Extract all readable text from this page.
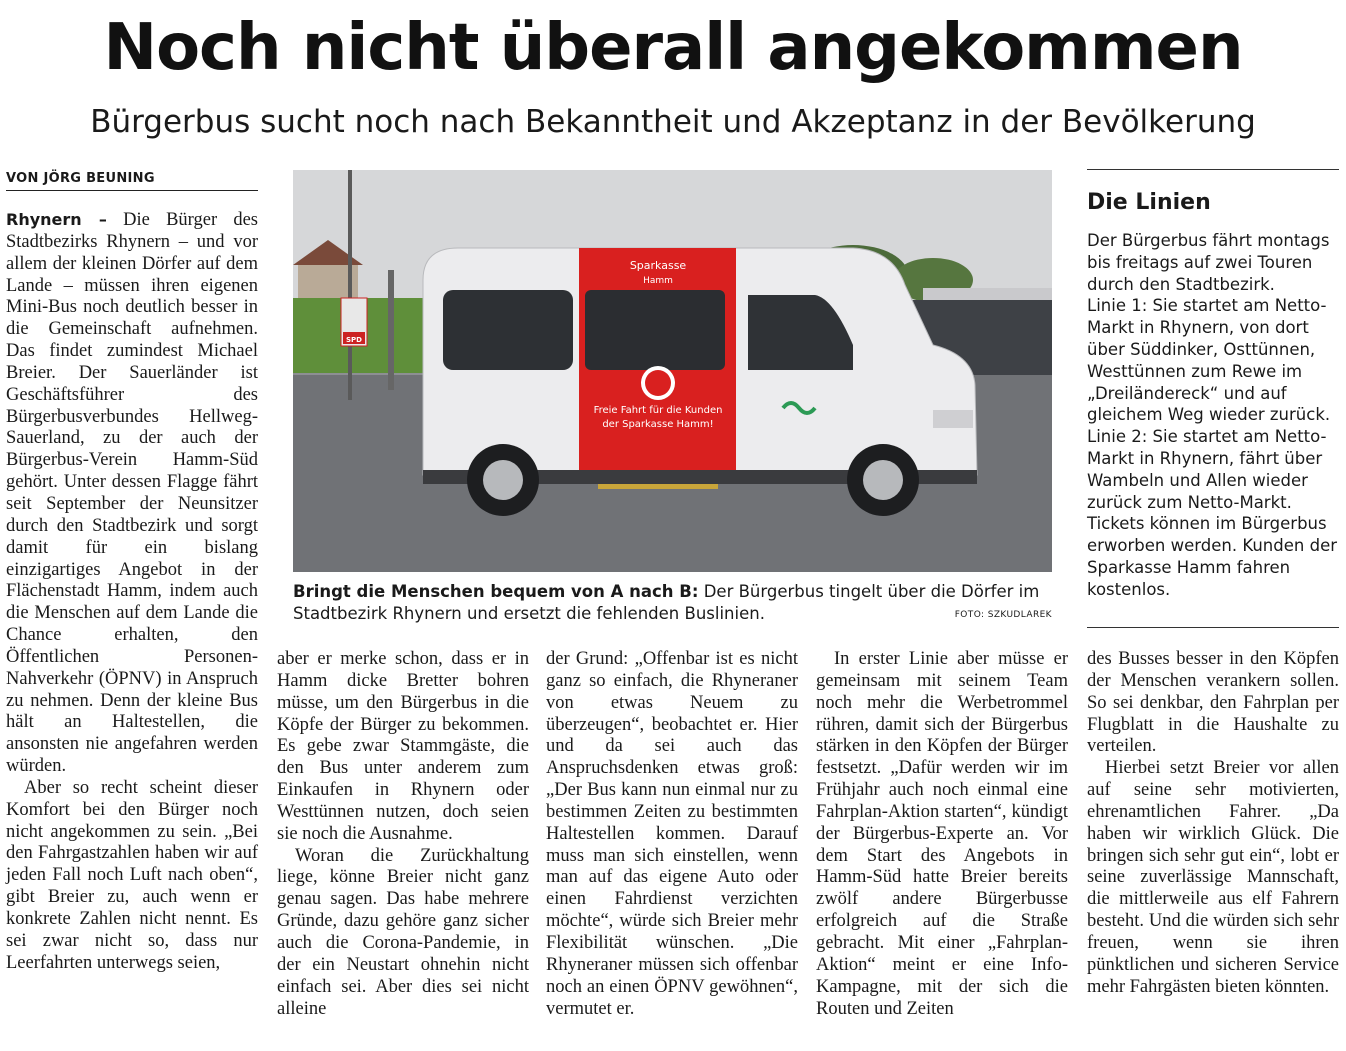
Noch nicht überall angekommen
Bürgerbus sucht noch nach Bekanntheit und Akzeptanz in der Bevölkerung
VON JÖRG BEUNING

Rhynern – Die Bürger des Stadtbezirks Rhynern – und vor allem der kleinen Dörfer auf dem Lande – müssen ihren eigenen Mini-Bus noch deutlich besser in die Gemeinschaft aufnehmen. Das findet zumindest Michael Breier. Der Sauerländer ist Geschäftsführer des Bürgerbusverbundes Hellweg-Sauerland, zu der auch der Bürgerbus-Verein Hamm-Süd gehört. Unter dessen Flagge fährt seit September der Neunsitzer durch den Stadtbezirk und sorgt damit für ein bislang einzigartiges Angebot in der Flächenstadt Hamm, indem auch die Menschen auf dem Lande die Chance erhalten, den Öffentlichen Personen-Nahverkehr (ÖPNV) in Anspruch zu nehmen. Denn der kleine Bus hält an Haltestellen, die ansonsten nie angefahren werden würden.

Aber so recht scheint dieser Komfort bei den Bürger noch nicht angekommen zu sein. „Bei den Fahrgastzahlen haben wir auf jeden Fall noch Luft nach oben“, gibt Breier zu, auch wenn er konkrete Zahlen nicht nennt. Es sei zwar nicht so, dass nur Leerfahrten unterwegs seien,

SPD
Sparkasse
Hamm
Freie Fahrt für die Kunden
der Sparkasse Hamm!
Bringt die Menschen bequem von A nach B: Der Bürgerbus tingelt über die Dörfer im Stadtbezirk Rhynern und ersetzt die fehlenden Buslinien.	FOTO: SZKUDLAREK
Die Linien

Der Bürgerbus fährt montags bis freitags auf zwei Touren durch den Stadtbezirk.

Linie 1: Sie startet am Netto-Markt in Rhynern, von dort über Süddinker, Osttünnen, Westtünnen zum Rewe im „Dreiländereck“ und auf gleichem Weg wieder zurück.

Linie 2: Sie startet am Netto-Markt in Rhynern, fährt über Wambeln und Allen wieder zurück zum Netto-Markt.

Tickets können im Bürgerbus erworben werden. Kunden der Sparkasse Hamm fahren kostenlos.

aber er merke schon, dass er in Hamm dicke Bretter bohren müsse, um den Bürgerbus in die Köpfe der Bürger zu bekommen. Es gebe zwar Stammgäste, die den Bus unter anderem zum Einkaufen in Rhynern oder Westtünnen nutzen, doch seien sie noch die Ausnahme.

Woran die Zurückhaltung liege, könne Breier nicht ganz genau sagen. Das habe mehrere Gründe, dazu gehöre ganz sicher auch die Corona-Pandemie, in der ein Neustart ohnehin nicht einfach sei. Aber dies sei nicht alleine

der Grund: „Offenbar ist es nicht ganz so einfach, die Rhyneraner von etwas Neuem zu überzeugen“, beobachtet er. Hier und da sei auch das Anspruchsdenken etwas groß: „Der Bus kann nun einmal nur zu bestimmen Zeiten zu bestimmten Haltestellen kommen. Darauf muss man sich einstellen, wenn man auf das eigene Auto oder einen Fahrdienst verzichten möchte“, würde sich Breier mehr Flexibilität wünschen. „Die Rhyneraner müssen sich offenbar noch an einen ÖPNV gewöhnen“, vermutet er.

In erster Linie aber müsse er gemeinsam mit seinem Team noch mehr die Werbetrommel rühren, damit sich der Bürgerbus stärken in den Köpfen der Bürger festsetzt. „Dafür werden wir im Frühjahr auch noch einmal eine Fahrplan-Aktion starten“, kündigt der Bürgerbus-Experte an. Vor dem Start des Angebots in Hamm-Süd hatte Breier bereits zwölf andere Bürgerbusse erfolgreich auf die Straße gebracht. Mit einer „Fahrplan-Aktion“ meint er eine Info-Kampagne, mit der sich die Routen und Zeiten

des Busses besser in den Köpfen der Menschen verankern sollen. So sei denkbar, den Fahrplan per Flugblatt in die Haushalte zu verteilen.

Hierbei setzt Breier vor allen auf seine sehr motivierten, ehrenamtlichen Fahrer. „Da haben wir wirklich Glück. Die bringen sich sehr gut ein“, lobt er seine zuverlässige Mannschaft, die mittlerweile aus elf Fahrern besteht. Und die würden sich sehr freuen, wenn sie ihren pünktlichen und sicheren Service mehr Fahrgästen bieten könnten.
